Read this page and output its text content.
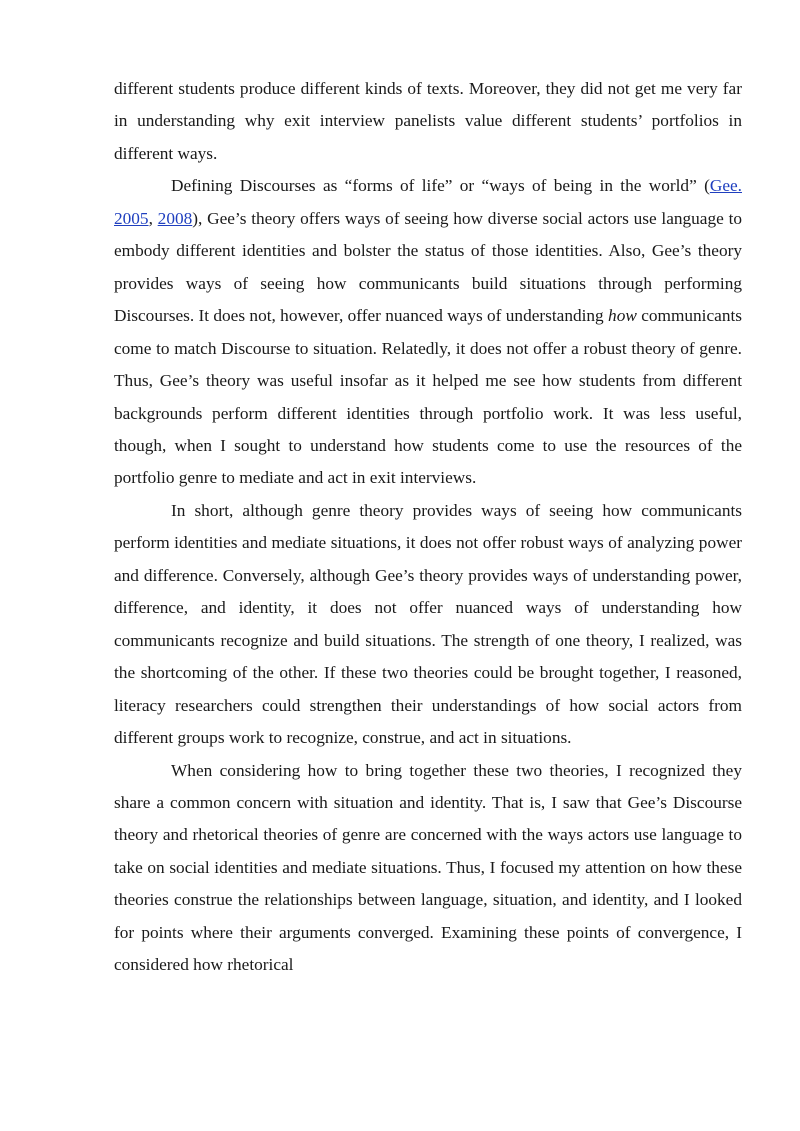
different students produce different kinds of texts. Moreover, they did not get me very far in understanding why exit interview panelists value different students’ portfolios in different ways.

Defining Discourses as “forms of life” or “ways of being in the world” (Gee. 2005, 2008), Gee’s theory offers ways of seeing how diverse social actors use language to embody different identities and bolster the status of those identities. Also, Gee’s theory provides ways of seeing how communicants build situations through performing Discourses. It does not, however, offer nuanced ways of understanding how communicants come to match Discourse to situation. Relatedly, it does not offer a robust theory of genre. Thus, Gee’s theory was useful insofar as it helped me see how students from different backgrounds perform different identities through portfolio work. It was less useful, though, when I sought to understand how students come to use the resources of the portfolio genre to mediate and act in exit interviews.

In short, although genre theory provides ways of seeing how communicants perform identities and mediate situations, it does not offer robust ways of analyzing power and difference. Conversely, although Gee’s theory provides ways of understanding power, difference, and identity, it does not offer nuanced ways of understanding how communicants recognize and build situations. The strength of one theory, I realized, was the shortcoming of the other. If these two theories could be brought together, I reasoned, literacy researchers could strengthen their understandings of how social actors from different groups work to recognize, construe, and act in situations.

When considering how to bring together these two theories, I recognized they share a common concern with situation and identity. That is, I saw that Gee’s Discourse theory and rhetorical theories of genre are concerned with the ways actors use language to take on social identities and mediate situations. Thus, I focused my attention on how these theories construe the relationships between language, situation, and identity, and I looked for points where their arguments converged. Examining these points of convergence, I considered how rhetorical
